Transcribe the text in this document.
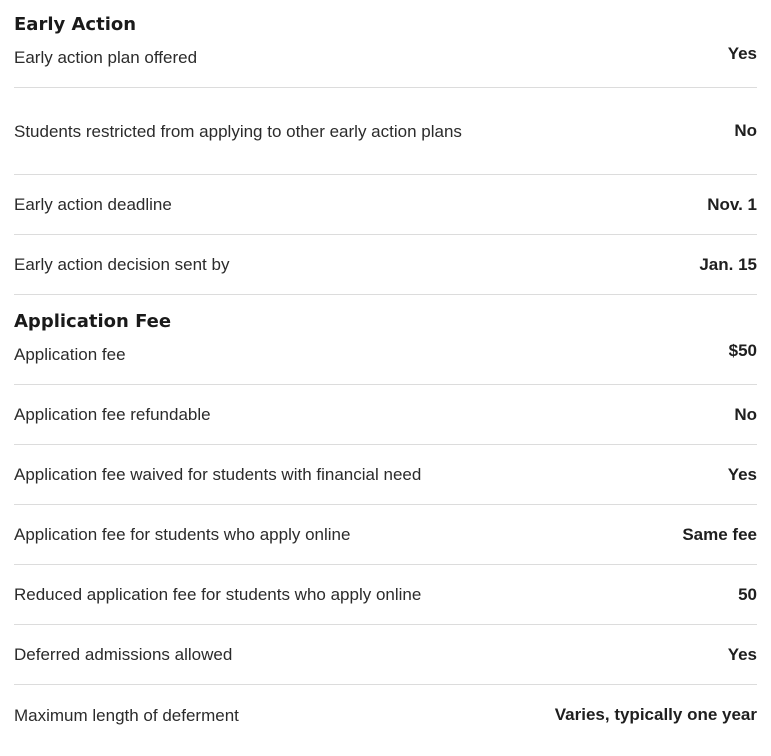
Early Action
Early action plan offered	Yes
Students restricted from applying to other early action plans	No
Early action deadline	Nov. 1
Early action decision sent by	Jan. 15
Application Fee
Application fee	$50
Application fee refundable	No
Application fee waived for students with financial need	Yes
Application fee for students who apply online	Same fee
Reduced application fee for students who apply online	50
Deferred admissions allowed	Yes
Maximum length of deferment	Varies, typically one year
